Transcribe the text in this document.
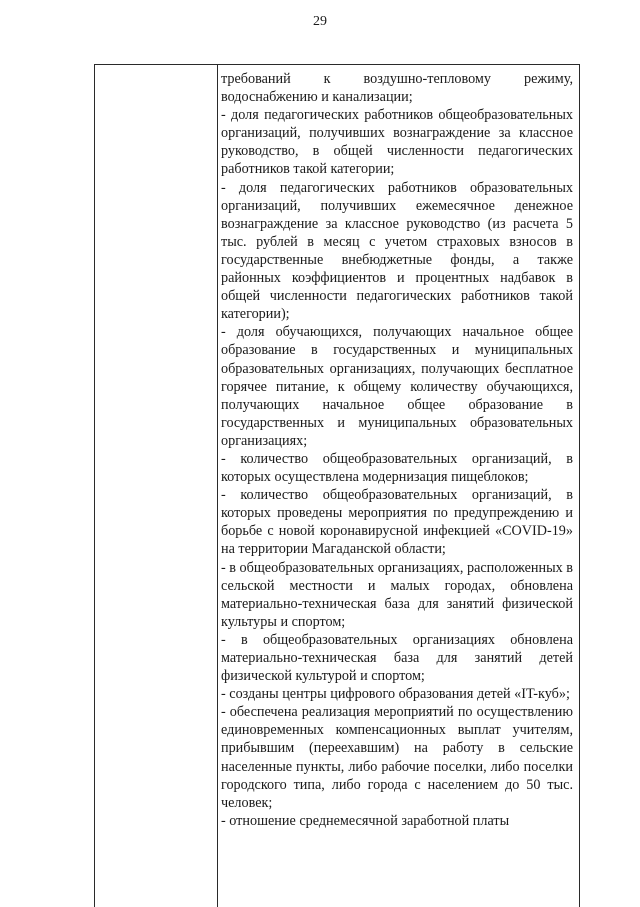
29

требований к воздушно-тепловому режиму, водоснабжению и канализации;

- доля педагогических работников общеобразовательных организаций, получивших вознаграждение за классное руководство, в общей численности педагогических работников такой категории;

- доля педагогических работников образовательных организаций, получивших ежемесячное денежное вознаграждение за классное руководство (из расчета 5 тыс. рублей в месяц с учетом страховых взносов в государственные внебюджетные фонды, а также районных коэффициентов и процентных надбавок в общей численности педагогических работников такой категории);

- доля обучающихся, получающих начальное общее образование в государственных и муниципальных образовательных организациях, получающих бесплатное горячее питание, к общему количеству обучающихся, получающих начальное общее образование в государственных и муниципальных образовательных организациях;

- количество общеобразовательных организаций, в которых осуществлена модернизация пищеблоков;

- количество общеобразовательных организаций, в которых проведены мероприятия по предупреждению и борьбе с новой коронавирусной инфекцией «COVID-19» на территории Магаданской области;

- в общеобразовательных организациях, расположенных в сельской местности и малых городах, обновлена материально-техническая база для занятий физической культуры и спортом;

- в общеобразовательных организациях обновлена материально-техническая база для занятий детей физической культурой и спортом;

- созданы центры цифрового образования детей «IT-куб»;

- обеспечена реализация мероприятий по осуществлению единовременных компенсационных выплат учителям, прибывшим (переехавшим) на работу в сельские населенные пункты, либо рабочие поселки, либо поселки городского типа, либо города с населением до 50 тыс. человек;

- отношение среднемесячной заработной платы
